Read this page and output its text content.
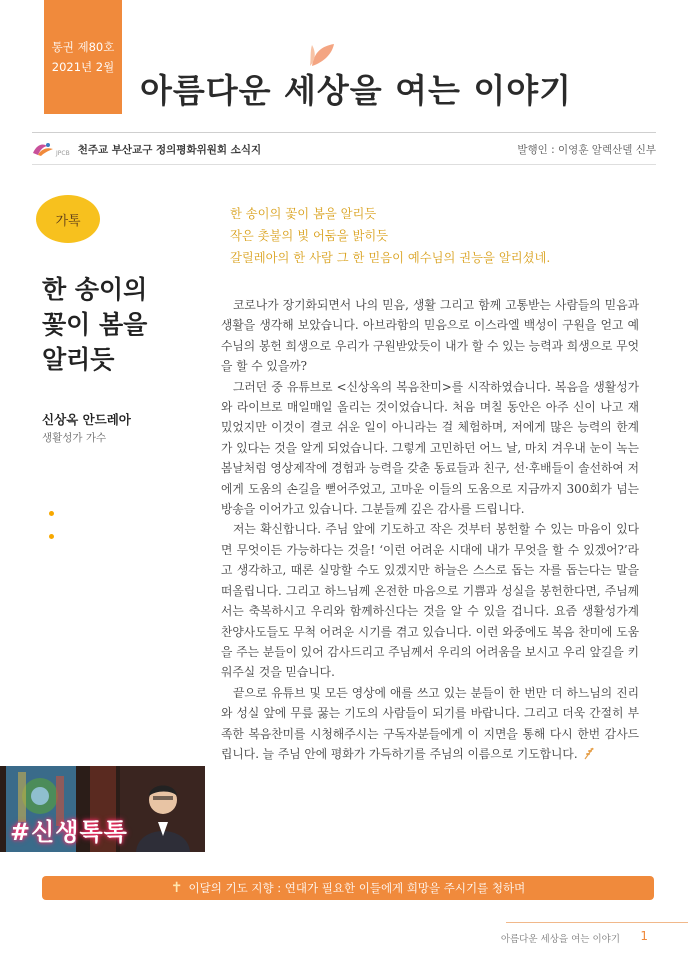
통권 제80호
2021년 2월
아름다운 세상을 여는 이야기
JPCB 천주교 부산교구 정의평화위원회 소식지	발행인 : 이영훈 알렉산델 신부
가톡
한 송이의
꽃이 봄을
알리듯
신상옥 안드레아
생활성가 가수
한 송이의 꽃이 봄을 알리듯
작은 촛불의 빛 어둠을 밝히듯
갈릴레아의 한 사람 그 한 믿음이 예수님의 권능을 알리셨네.

코로나가 장기화되면서 나의 믿음, 생활 그리고 함께 고통받는 사람들의 믿음과 생활을 생각해 보았습니다. 아브라함의 믿음으로 이스라엘 백성이 구원을 얻고 예수님의 봉헌 희생으로 우리가 구원받았듯이 내가 할 수 있는 능력과 희생으로 무엇을 할 수 있을까?

그러던 중 유튜브로 <신상옥의 복음찬미>를 시작하였습니다. 복음을 생활성가와 라이브로 매일매일 올리는 것이었습니다. 처음 며칠 동안은 아주 신이 나고 재밌었지만 이것이 결코 쉬운 일이 아니라는 걸 체험하며, 저에게 많은 능력의 한계가 있다는 것을 알게 되었습니다. 그렇게 고민하던 어느 날, 마치 겨우내 눈이 녹는 봄날처럼 영상제작에 경험과 능력을 갖춘 동료들과 친구, 선·후배들이 솔선하여 저에게 도움의 손길을 뻗어주었고, 고마운 이들의 도움으로 지금까지 300회가 넘는 방송을 이어가고 있습니다. 그분들께 깊은 감사를 드립니다.

저는 확신합니다. 주님 앞에 기도하고 작은 것부터 봉헌할 수 있는 마음이 있다면 무엇이든 가능하다는 것을! ‘이런 어려운 시대에 내가 무엇을 할 수 있겠어?’라고 생각하고, 때론 실망할 수도 있겠지만 하늘은 스스로 돕는 자를 돕는다는 말을 떠올립니다. 그리고 하느님께 온전한 마음으로 기쁨과 성실을 봉헌한다면, 주님께서는 축복하시고 우리와 함께하신다는 것을 알 수 있을 겁니다. 요즘 생활성가계 찬양사도들도 무척 어려운 시기를 겪고 있습니다. 이런 와중에도 복음 찬미에 도움을 주는 분들이 있어 감사드리고 주님께서 우리의 어려움을 보시고 우리 앞길을 키워주실 것을 믿습니다.

끝으로 유튜브 및 모든 영상에 애를 쓰고 있는 분들이 한 번만 더 하느님의 진리와 성실 앞에 무릎 꿇는 기도의 사람들이 되기를 바랍니다. 그리고 더욱 간절히 부족한 복음찬미를 시청해주시는 구독자분들에게 이 지면을 통해 다시 한번 감사드립니다. 늘 주님 안에 평화가 가득하기를 주님의 이름으로 기도합니다.

#신생톡톡
✝ 이달의 기도 지향 : 연대가 필요한 이들에게 희망을 주시기를 청하며
아름다운 세상을 여는 이야기 1
